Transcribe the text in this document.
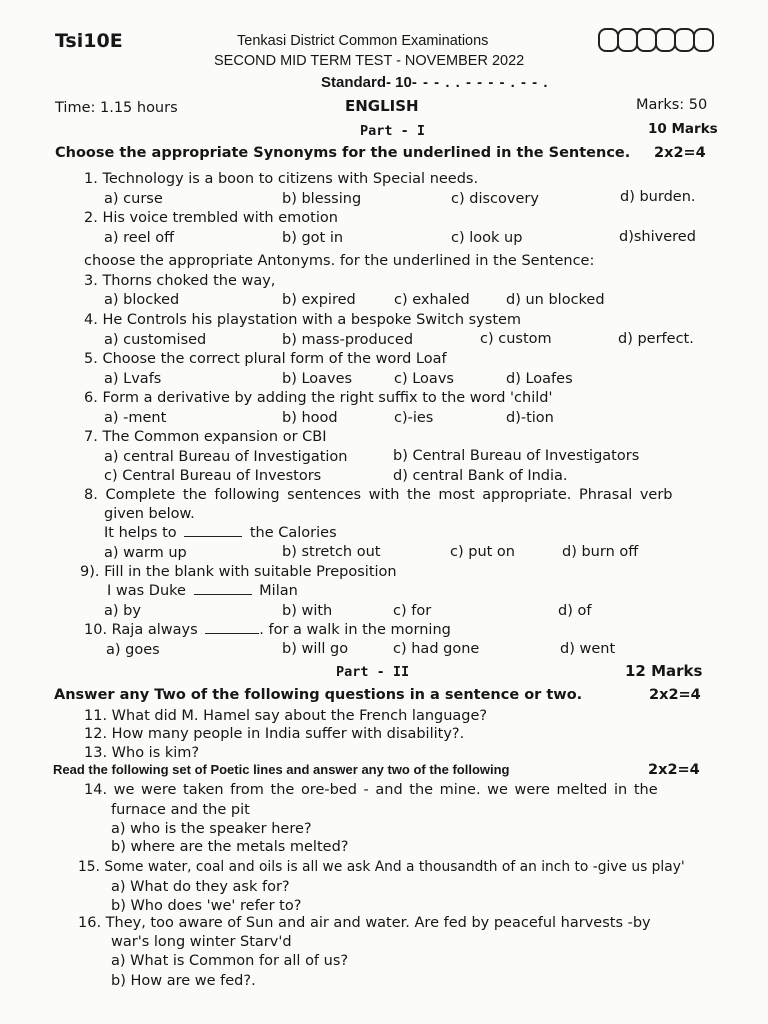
Tsi10E	Tenkasi District Common Examinations
SECOND MID TERM TEST - NOVEMBER 2022
Standard- 10- - - . . - - - - . - - .
Time: 1.15 hours	ENGLISH	Marks: 50
Part - I	10 Marks
Choose the appropriate Synonyms for the underlined in the Sentence. 2x2=4
1. Technology is a boon to citizens with Special needs.
a) curse	b) blessing	c) discovery	d) burden.
2. His voice trembled with emotion
a) reel off	b) got in	c) look up	d)shivered
choose the appropriate Antonyms. for the underlined in the Sentence:
3. Thorns choked the way,
a) blocked	b) expired	c) exhaled	d) un blocked
4. He Controls his playstation with a bespoke Switch system
a) customised	b) mass-produced	c) custom	d) perfect.
5. Choose the correct plural form of the word Loaf
a) Lvafs	b) Loaves	c) Loavs	d) Loafes
6. Form a derivative by adding the right suffix to the word 'child'
a) -ment	b) hood	c)-ies	d)-tion
7. The Common expansion or CBI
a) central Bureau of Investigation	b) Central Bureau of Investigators
c) Central Bureau of Investors	d) central Bank of India.
8. Complete the following sentences with the most appropriate. Phrasal verb
given below.
It helps to	the Calories
a) warm up	b) stretch out	c) put on	d) burn off
9). Fill in the blank with suitable Preposition
I was Duke	Milan
a) by	b) with	c) for	d) of
10. Raja always	. for a walk in the morning
a) goes	b) will go	c) had gone	d) went
Part - II	12 Marks
Answer any Two of the following questions in a sentence or two.	2x2=4
11. What did M. Hamel say about the French language?
12. How many people in India suffer with disability?.
13. Who is kim?
Read the following set of Poetic lines and answer any two of the following	2x2=4
14. we were taken from the ore-bed - and the mine. we were melted in the
furnace and the pit
a) who is the speaker here?
b) where are the metals melted?
15. Some water, coal and oils is all we ask And a thousandth of an inch to -give us play'
a) What do they ask for?
b) Who does 'we' refer to?
16. They, too aware of Sun and air and water. Are fed by peaceful harvests -by
war's long winter Starv'd
a) What is Common for all of us?
b) How are we fed?.
